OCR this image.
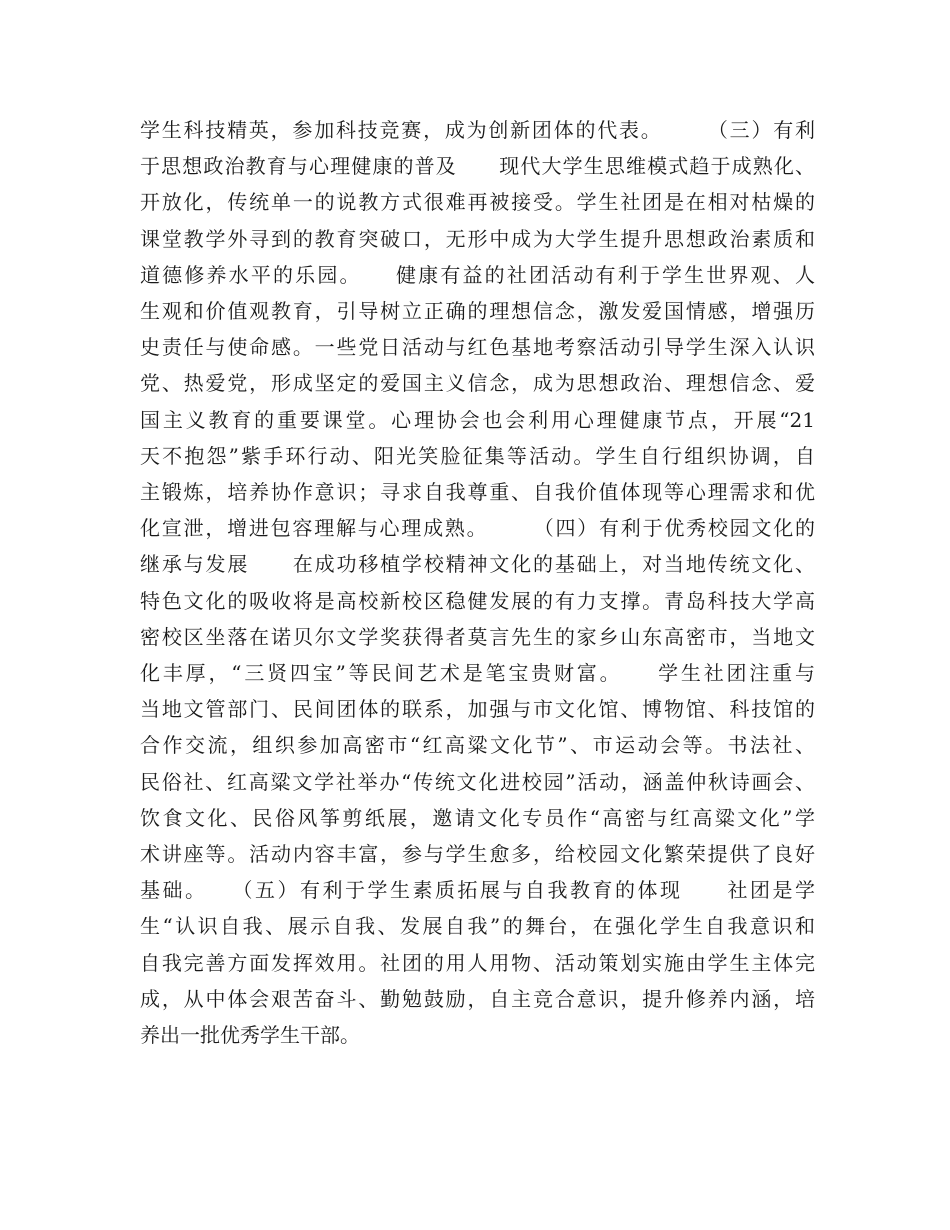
学生科技精英，参加科技竞赛，成为创新团体的代表。　　　（三）有利
于思想政治教育与心理健康的普及　　现代大学生思维模式趋于成熟化、
开放化，传统单一的说教方式很难再被接受。学生社团是在相对枯燥的
课堂教学外寻到的教育突破口，无形中成为大学生提升思想政治素质和
道德修养水平的乐园。　　健康有益的社团活动有利于学生世界观、人
生观和价值观教育，引导树立正确的理想信念，激发爱国情感，增强历
史责任与使命感。一些党日活动与红色基地考察活动引导学生深入认识
党、热爱党，形成坚定的爱国主义信念，成为思想政治、理想信念、爱
国主义教育的重要课堂。心理协会也会利用心理健康节点，开展“21
天不抱怨”紫手环行动、阳光笑脸征集等活动。学生自行组织协调，自
主锻炼，培养协作意识；寻求自我尊重、自我价值体现等心理需求和优
化宣泄，增进包容理解与心理成熟。　　　（四）有利于优秀校园文化的
继承与发展　　在成功移植学校精神文化的基础上，对当地传统文化、
特色文化的吸收将是高校新校区稳健发展的有力支撑。青岛科技大学高
密校区坐落在诺贝尔文学奖获得者莫言先生的家乡山东高密市，当地文
化丰厚，“三贤四宝”等民间艺术是笔宝贵财富。　　学生社团注重与
当地文管部门、民间团体的联系，加强与市文化馆、博物馆、科技馆的
合作交流，组织参加高密市“红高粱文化节”、市运动会等。书法社、
民俗社、红高粱文学社举办“传统文化进校园”活动，涵盖仲秋诗画会、
饮食文化、民俗风筝剪纸展，邀请文化专员作“高密与红高粱文化”学
术讲座等。活动内容丰富，参与学生愈多，给校园文化繁荣提供了良好
基础。　　（五）有利于学生素质拓展与自我教育的体现　　社团是学
生“认识自我、展示自我、发展自我”的舞台，在强化学生自我意识和
自我完善方面发挥效用。社团的用人用物、活动策划实施由学生主体完
成，从中体会艰苦奋斗、勤勉鼓励，自主竞合意识，提升修养内涵，培
养出一批优秀学生干部。
